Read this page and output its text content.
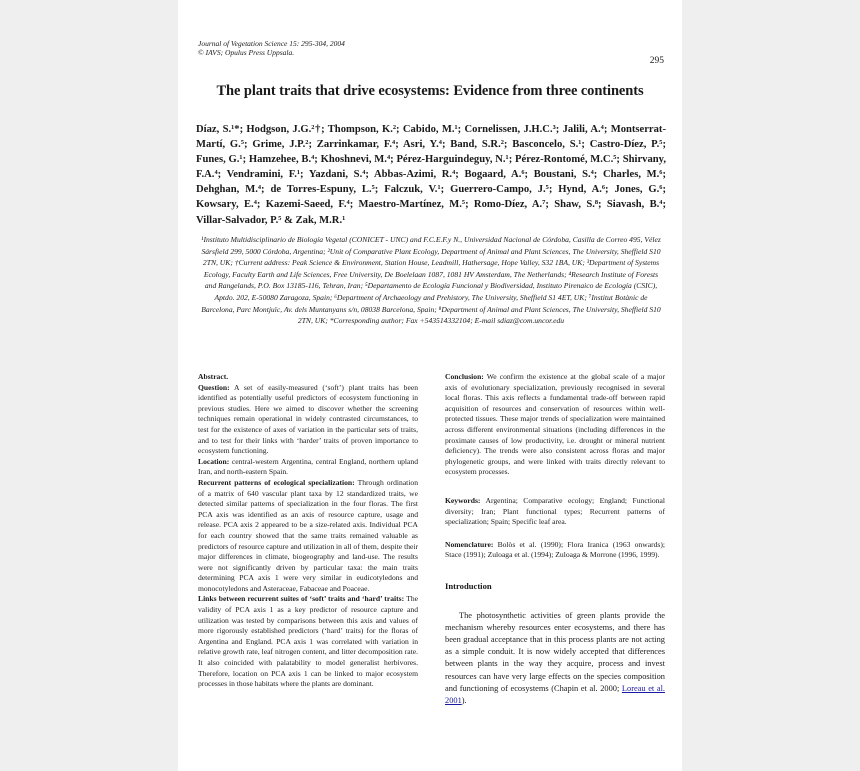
Journal of Vegetation Science 15: 295-304, 2004
© IAVS; Opulus Press Uppsala.
295
The plant traits that drive ecosystems: Evidence from three continents
Díaz, S.¹*; Hodgson, J.G.²†; Thompson, K.²; Cabido, M.¹; Cornelissen, J.H.C.³; Jalili, A.⁴; Montserrat-Martí, G.⁵; Grime, J.P.²; Zarrinkamar, F.⁴; Asri, Y.⁴; Band, S.R.²; Basconcelo, S.¹; Castro-Díez, P.⁵; Funes, G.¹; Hamzehee, B.⁴; Khoshnevi, M.⁴; Pérez-Harguindeguy, N.¹; Pérez-Rontomé, M.C.⁵; Shirvany, F.A.⁴; Vendramini, F.¹; Yazdani, S.⁴; Abbas-Azimi, R.⁴; Bogaard, A.⁶; Boustani, S.⁴; Charles, M.⁶; Dehghan, M.⁴; de Torres-Espuny, L.⁵; Falczuk, V.¹; Guerrero-Campo, J.⁵; Hynd, A.⁶; Jones, G.⁶; Kowsary, E.⁴; Kazemi-Saeed, F.⁴; Maestro-Martínez, M.⁵; Romo-Díez, A.⁷; Shaw, S.⁸; Siavash, B.⁴; Villar-Salvador, P.⁵ & Zak, M.R.¹
¹Instituto Multidisciplinario de Biología Vegetal (CONICET - UNC) and F.C.E.F.y N., Universidad Nacional de Córdoba, Casilla de Correo 495, Vélez Sársfield 299, 5000 Córdoba, Argentina; ²Unit of Comparative Plant Ecology, Department of Animal and Plant Sciences, The University, Sheffield S10 2TN, UK; †Current address: Peak Science & Environment, Station House, Leadmill, Hathersage, Hope Valley, S32 1BA, UK; ³Department of Systems Ecology, Faculty Earth and Life Sciences, Free University, De Boelelaan 1087, 1081 HV Amsterdam, The Netherlands; ⁴Research Institute of Forests and Rangelands, P.O. Box 13185-116, Tehran, Iran; ⁵Departamento de Ecología Funcional y Biodiversidad, Instituto Pirenaico de Ecología (CSIC), Aptdo. 202, E-50080 Zaragoza, Spain; ⁶Department of Archaeology and Prehistory, The University, Sheffield S1 4ET, UK; ⁷Institut Botànic de Barcelona, Parc Montjuïc, Av. dels Muntanyans s/n, 08038 Barcelona, Spain; ⁸Department of Animal and Plant Sciences, The University, Sheffield S10 2TN, UK; *Corresponding author; Fax +543514332104; E-mail sdiaz@com.uncor.edu

Abstract.

Question: A set of easily-measured (‘soft’) plant traits has been identified as potentially useful predictors of ecosystem functioning in previous studies. Here we aimed to discover whether the screening techniques remain operational in widely contrasted circumstances, to test for the existence of axes of variation in the particular sets of traits, and to test for their links with ‘harder’ traits of proven importance to ecosystem functioning.

Location: central-western Argentina, central England, northern upland Iran, and north-eastern Spain.

Recurrent patterns of ecological specialization: Through ordination of a matrix of 640 vascular plant taxa by 12 standardized traits, we detected similar patterns of specialization in the four floras. The first PCA axis was identified as an axis of resource capture, usage and release. PCA axis 2 appeared to be a size-related axis. Individual PCA for each country showed that the same traits remained valuable as predictors of resource capture and utilization in all of them, despite their major differences in climate, biogeography and land-use. The results were not significantly driven by particular taxa: the main traits determining PCA axis 1 were very similar in eudicotyledons and monocotyledons and Asteraceae, Fabaceae and Poaceae.

Links between recurrent suites of ‘soft’ traits and ‘hard’ traits: The validity of PCA axis 1 as a key predictor of resource capture and utilization was tested by comparisons between this axis and values of more rigorously established predictors (‘hard’ traits) for the floras of Argentina and England. PCA axis 1 was correlated with variation in relative growth rate, leaf nitrogen content, and litter decomposition rate. It also coincided with palatability to model generalist herbivores. Therefore, location on PCA axis 1 can be linked to major ecosystem processes in those habitats where the plants are dominant.

Conclusion: We confirm the existence at the global scale of a major axis of evolutionary specialization, previously recognised in several local floras. This axis reflects a fundamental trade-off between rapid acquisition of resources and conservation of resources within well-protected tissues. These major trends of specialization were maintained across different environmental situations (including differences in the proximate causes of low productivity, i.e. drought or mineral nutrient deficiency). The trends were also consistent across floras and major phylogenetic groups, and were linked with traits directly relevant to ecosystem processes.

Keywords: Argentina; Comparative ecology; England; Functional diversity; Iran; Plant functional types; Recurrent patterns of specialization; Spain; Specific leaf area.

Nomenclature: Bolòs et al. (1990); Flora Iranica (1963 onwards); Stace (1991); Zuloaga et al. (1994); Zuloaga & Morrone (1996, 1999).

Introduction

The photosynthetic activities of green plants provide the mechanism whereby resources enter ecosystems, and there has been gradual acceptance that in this process plants are not acting as a simple conduit. It is now widely accepted that differences between plants in the way they acquire, process and invest resources can have very large effects on the species composition and functioning of ecosystems (Chapin et al. 2000; Loreau et al. 2001).
